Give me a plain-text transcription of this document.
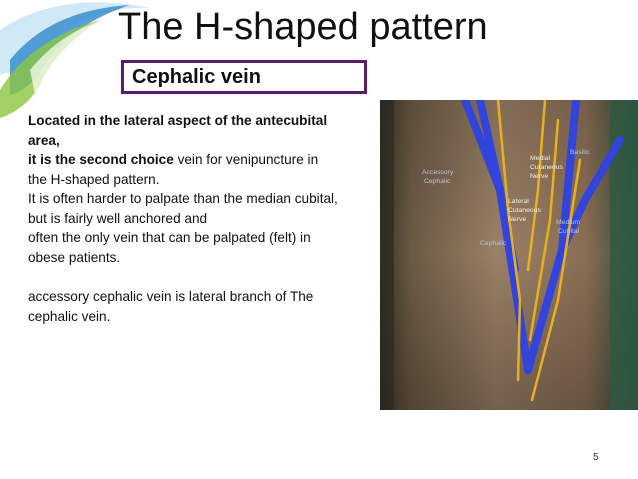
The H-shaped pattern
Cephalic vein

Located in the lateral aspect of the antecubital

area,

it is the second choice vein for venipuncture in

the H-shaped pattern.

It is often harder to palpate than the median cubital,

but is fairly well anchored and

often the only vein that can be palpated (felt) in

obese patients.

accessory cephalic vein is lateral branch of The

cephalic vein.

Accessory
Cephalic
Cephalic
Medial
Cutaneous
Nerve
Basilic
Lateral
Cutaneous
Nerve	Medium
Cubital
5
